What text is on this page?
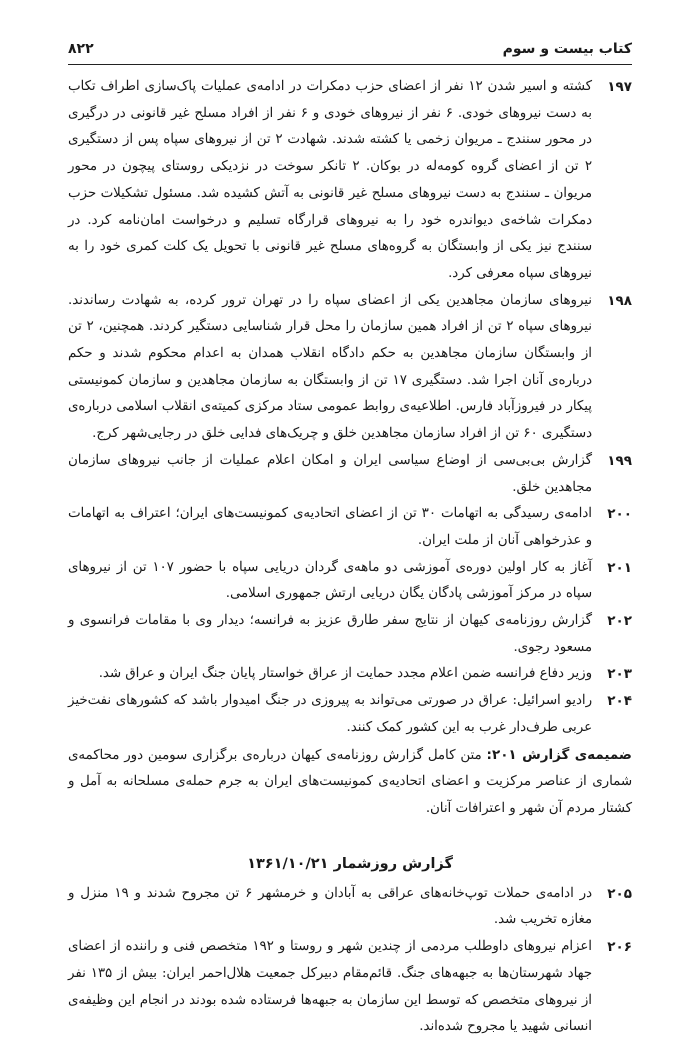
کتاب بیست و سوم
۸۲۲

۱۹۷
کشته و اسیر شدن ۱۲ نفر از اعضای حزب دمکرات در ادامه‌ی عملیات پاک‌سازی اطراف تکاب به دست نیروهای خودی. ۶ نفر از نیروهای خودی و ۶ نفر از افراد مسلح غیر قانونی در درگیری در محور سنندج ـ مریوان زخمی یا کشته شدند. شهادت ۲ تن از نیروهای سپاه پس از دستگیری ۲ تن از اعضای گروه کومه‌له در بوکان. ۲ تانکر سوخت در نزدیکی روستای پیچون در محور مریوان ـ سنندج به دست نیروهای مسلح غیر قانونی به آتش کشیده شد. مسئول تشکیلات حزب دمکرات شاخه‌ی دیواندره خود را به نیروهای قرارگاه تسلیم و درخواست امان‌نامه کرد. در سنندج نیز یکی از وابستگان به گروه‌های مسلح غیر قانونی با تحویل یک کلت کمری خود را به نیروهای سپاه معرفی کرد.

۱۹۸
نیروهای سازمان مجاهدین یکی از اعضای سپاه را در تهران ترور کرده، به شهادت رساندند. نیروهای سپاه ۲ تن از افراد همین سازمان را محل قرار شناسایی دستگیر کردند. همچنین، ۲ تن از وابستگان سازمان مجاهدین به حکم دادگاه انقلاب همدان به اعدام محکوم شدند و حکم درباره‌ی آنان اجرا شد. دستگیری ۱۷ تن از وابستگان به سازمان مجاهدین و سازمان کمونیستی پیکار در فیروزآباد فارس. اطلاعیه‌ی روابط عمومی ستاد مرکزی کمیته‌ی انقلاب اسلامی درباره‌ی دستگیری ۶۰ تن از افراد سازمان مجاهدین خلق و چریک‌های فدایی خلق در رجایی‌شهر کرج.

۱۹۹
گزارش بی‌بی‌سی از اوضاع سیاسی ایران و امکان اعلام عملیات از جانب نیروهای سازمان مجاهدین خلق.

۲۰۰
ادامه‌ی رسیدگی به اتهامات ۳۰ تن از اعضای اتحادیه‌ی کمونیست‌های ایران؛ اعتراف به اتهامات و عذرخواهی آنان از ملت ایران.

۲۰۱
آغاز به کار اولین دوره‌ی آموزشی دو ماهه‌ی گردان دریایی سپاه با حضور ۱۰۷ تن از نیروهای سپاه در مرکز آموزشی پادگان یگان دریایی ارتش جمهوری اسلامی.

۲۰۲
گزارش روزنامه‌ی کیهان از نتایج سفر طارق عزیز به فرانسه؛ دیدار وی با مقامات فرانسوی و مسعود رجوی.

۲۰۳
وزیر دفاع فرانسه ضمن اعلام مجدد حمایت از عراق خواستار پایان جنگ ایران و عراق شد.

۲۰۴
رادیو اسرائیل: عراق در صورتی می‌تواند به پیروزی در جنگ امیدوار باشد که کشورهای نفت‌خیز عربی طرف‌دار غرب به این کشور کمک کنند.

ضمیمه‌ی گزارش ۲۰۱: متن کامل گزارش روزنامه‌ی کیهان درباره‌ی برگزاری سومین دور محاکمه‌ی شماری از عناصر مرکزیت و اعضای اتحادیه‌ی کمونیست‌های ایران به جرم حمله‌ی مسلحانه به آمل و کشتار مردم آن شهر و اعترافات آنان.

گزارش روزشمار ۱۳۶۱/۱۰/۲۱

۲۰۵
در ادامه‌ی حملات توپ‌خانه‌های عراقی به آبادان و خرمشهر ۶ تن مجروح شدند و ۱۹ منزل و مغازه تخریب شد.

۲۰۶
اعزام نیروهای داوطلب مردمی از چندین شهر و روستا و ۱۹۲ متخصص فنی و راننده از اعضای جهاد شهرستان‌ها به جبهه‌های جنگ. قائم‌مقام دبیرکل جمعیت هلال‌احمر ایران: بیش از ۱۳۵ نفر از نیروهای متخصص که توسط این سازمان به جبهه‌ها فرستاده شده بودند در انجام این وظیفه‌ی انسانی شهید یا مجروح شده‌اند.
